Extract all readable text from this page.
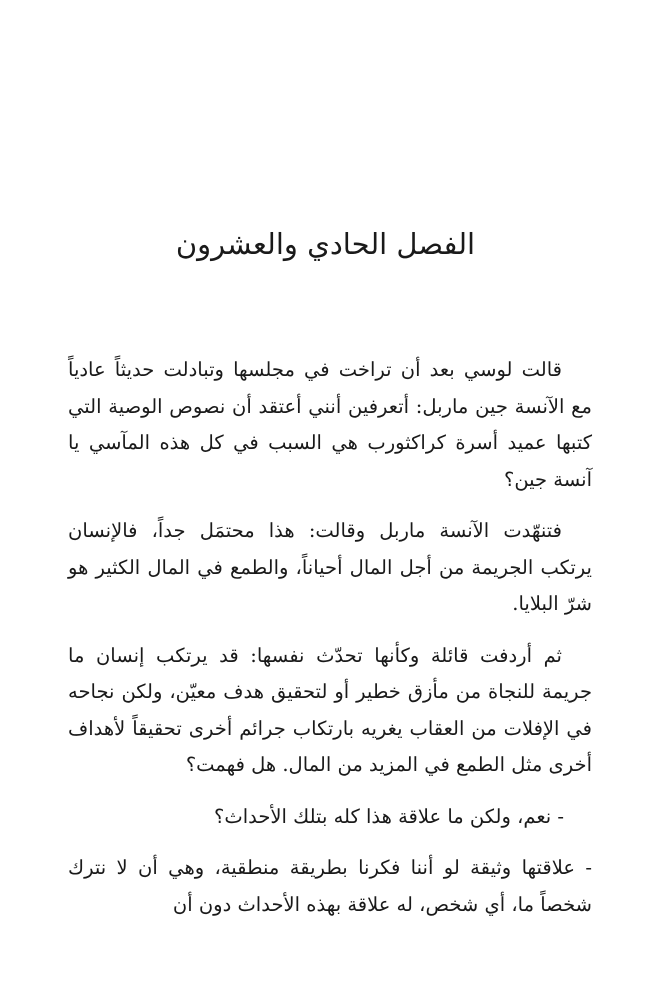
الفصل الحادي والعشرون

قالت لوسي بعد أن تراخت في مجلسها وتبادلت حديثاً عادياً مع الآنسة جين ماربل: أتعرفين أنني أعتقد أن نصوص الوصية التي كتبها عميد أسرة كراكثورب هي السبب في كل هذه المآسي يا آنسة جين؟

فتنهّدت الآنسة ماربل وقالت: هذا محتمَل جداً، فالإنسان يرتكب الجريمة من أجل المال أحياناً، والطمع في المال الكثير هو شرّ البلايا.

ثم أردفت قائلة وكأنها تحدّث نفسها: قد يرتكب إنسان ما جريمة للنجاة من مأزق خطير أو لتحقيق هدف معيّن، ولكن نجاحه في الإفلات من العقاب يغريه بارتكاب جرائم أخرى تحقيقاً لأهداف أخرى مثل الطمع في المزيد من المال. هل فهمت؟

- نعم، ولكن ما علاقة هذا كله بتلك الأحداث؟

- علاقتها وثيقة لو أننا فكرنا بطريقة منطقية، وهي أن لا نترك شخصاً ما، أي شخص، له علاقة بهذه الأحداث دون أن
